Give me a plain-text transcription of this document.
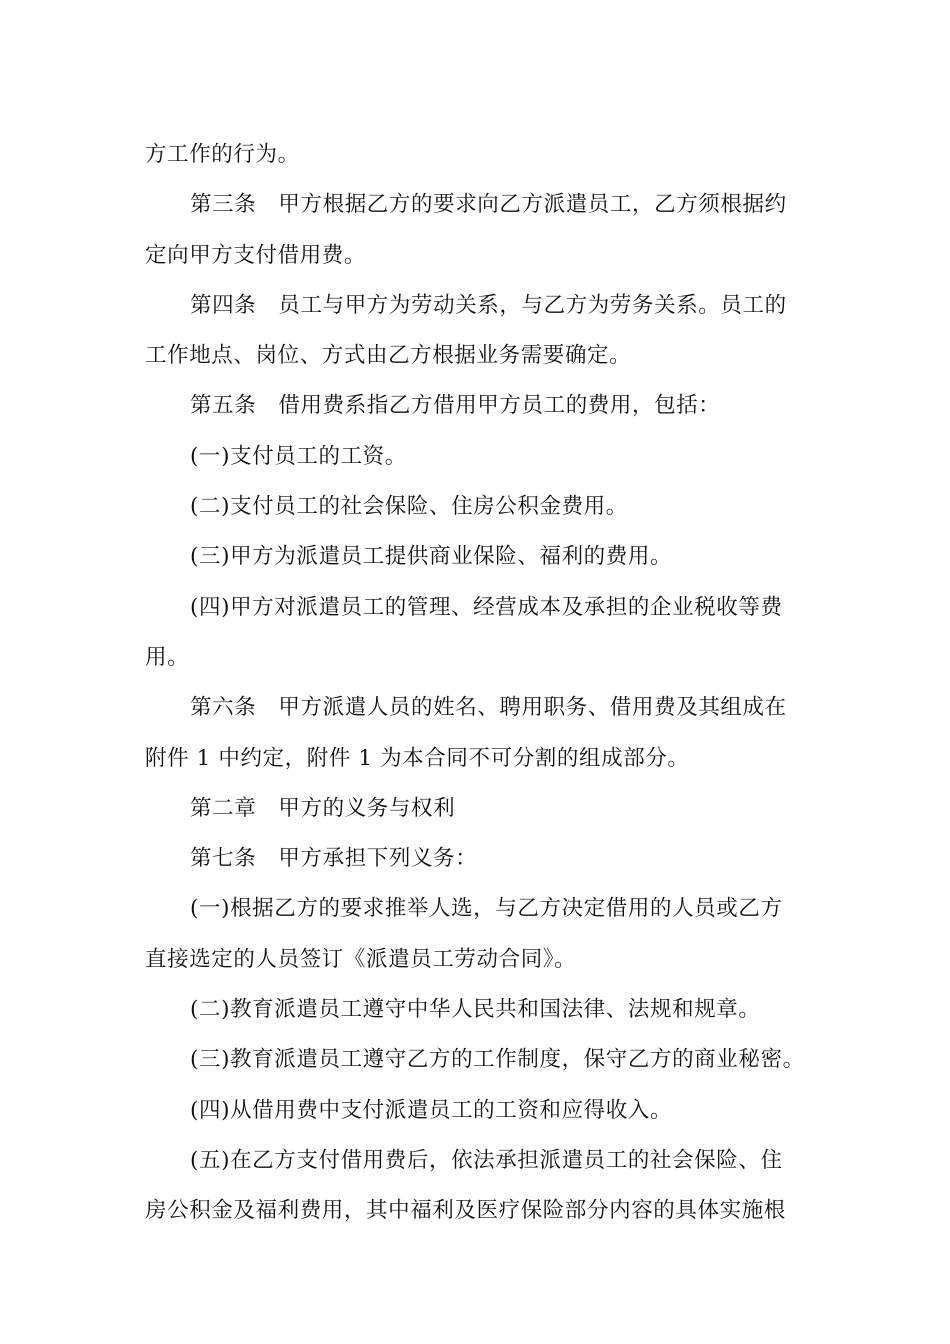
方工作的行为。
第三条　甲方根据乙方的要求向乙方派遣员工，乙方须根据约
定向甲方支付借用费。
第四条　员工与甲方为劳动关系，与乙方为劳务关系。员工的
工作地点、岗位、方式由乙方根据业务需要确定。
第五条　借用费系指乙方借用甲方员工的费用，包括：
(一)支付员工的工资。
(二)支付员工的社会保险、住房公积金费用。
(三)甲方为派遣员工提供商业保险、福利的费用。
(四)甲方对派遣员工的管理、经营成本及承担的企业税收等费
用。
第六条　甲方派遣人员的姓名、聘用职务、借用费及其组成在
附件 1 中约定，附件 1 为本合同不可分割的组成部分。
第二章　甲方的义务与权利
第七条　甲方承担下列义务：
(一)根据乙方的要求推举人选，与乙方决定借用的人员或乙方
直接选定的人员签订《派遣员工劳动合同》。
(二)教育派遣员工遵守中华人民共和国法律、法规和规章。
(三)教育派遣员工遵守乙方的工作制度，保守乙方的商业秘密。
(四)从借用费中支付派遣员工的工资和应得收入。
(五)在乙方支付借用费后，依法承担派遣员工的社会保险、住
房公积金及福利费用，其中福利及医疗保险部分内容的具体实施根
